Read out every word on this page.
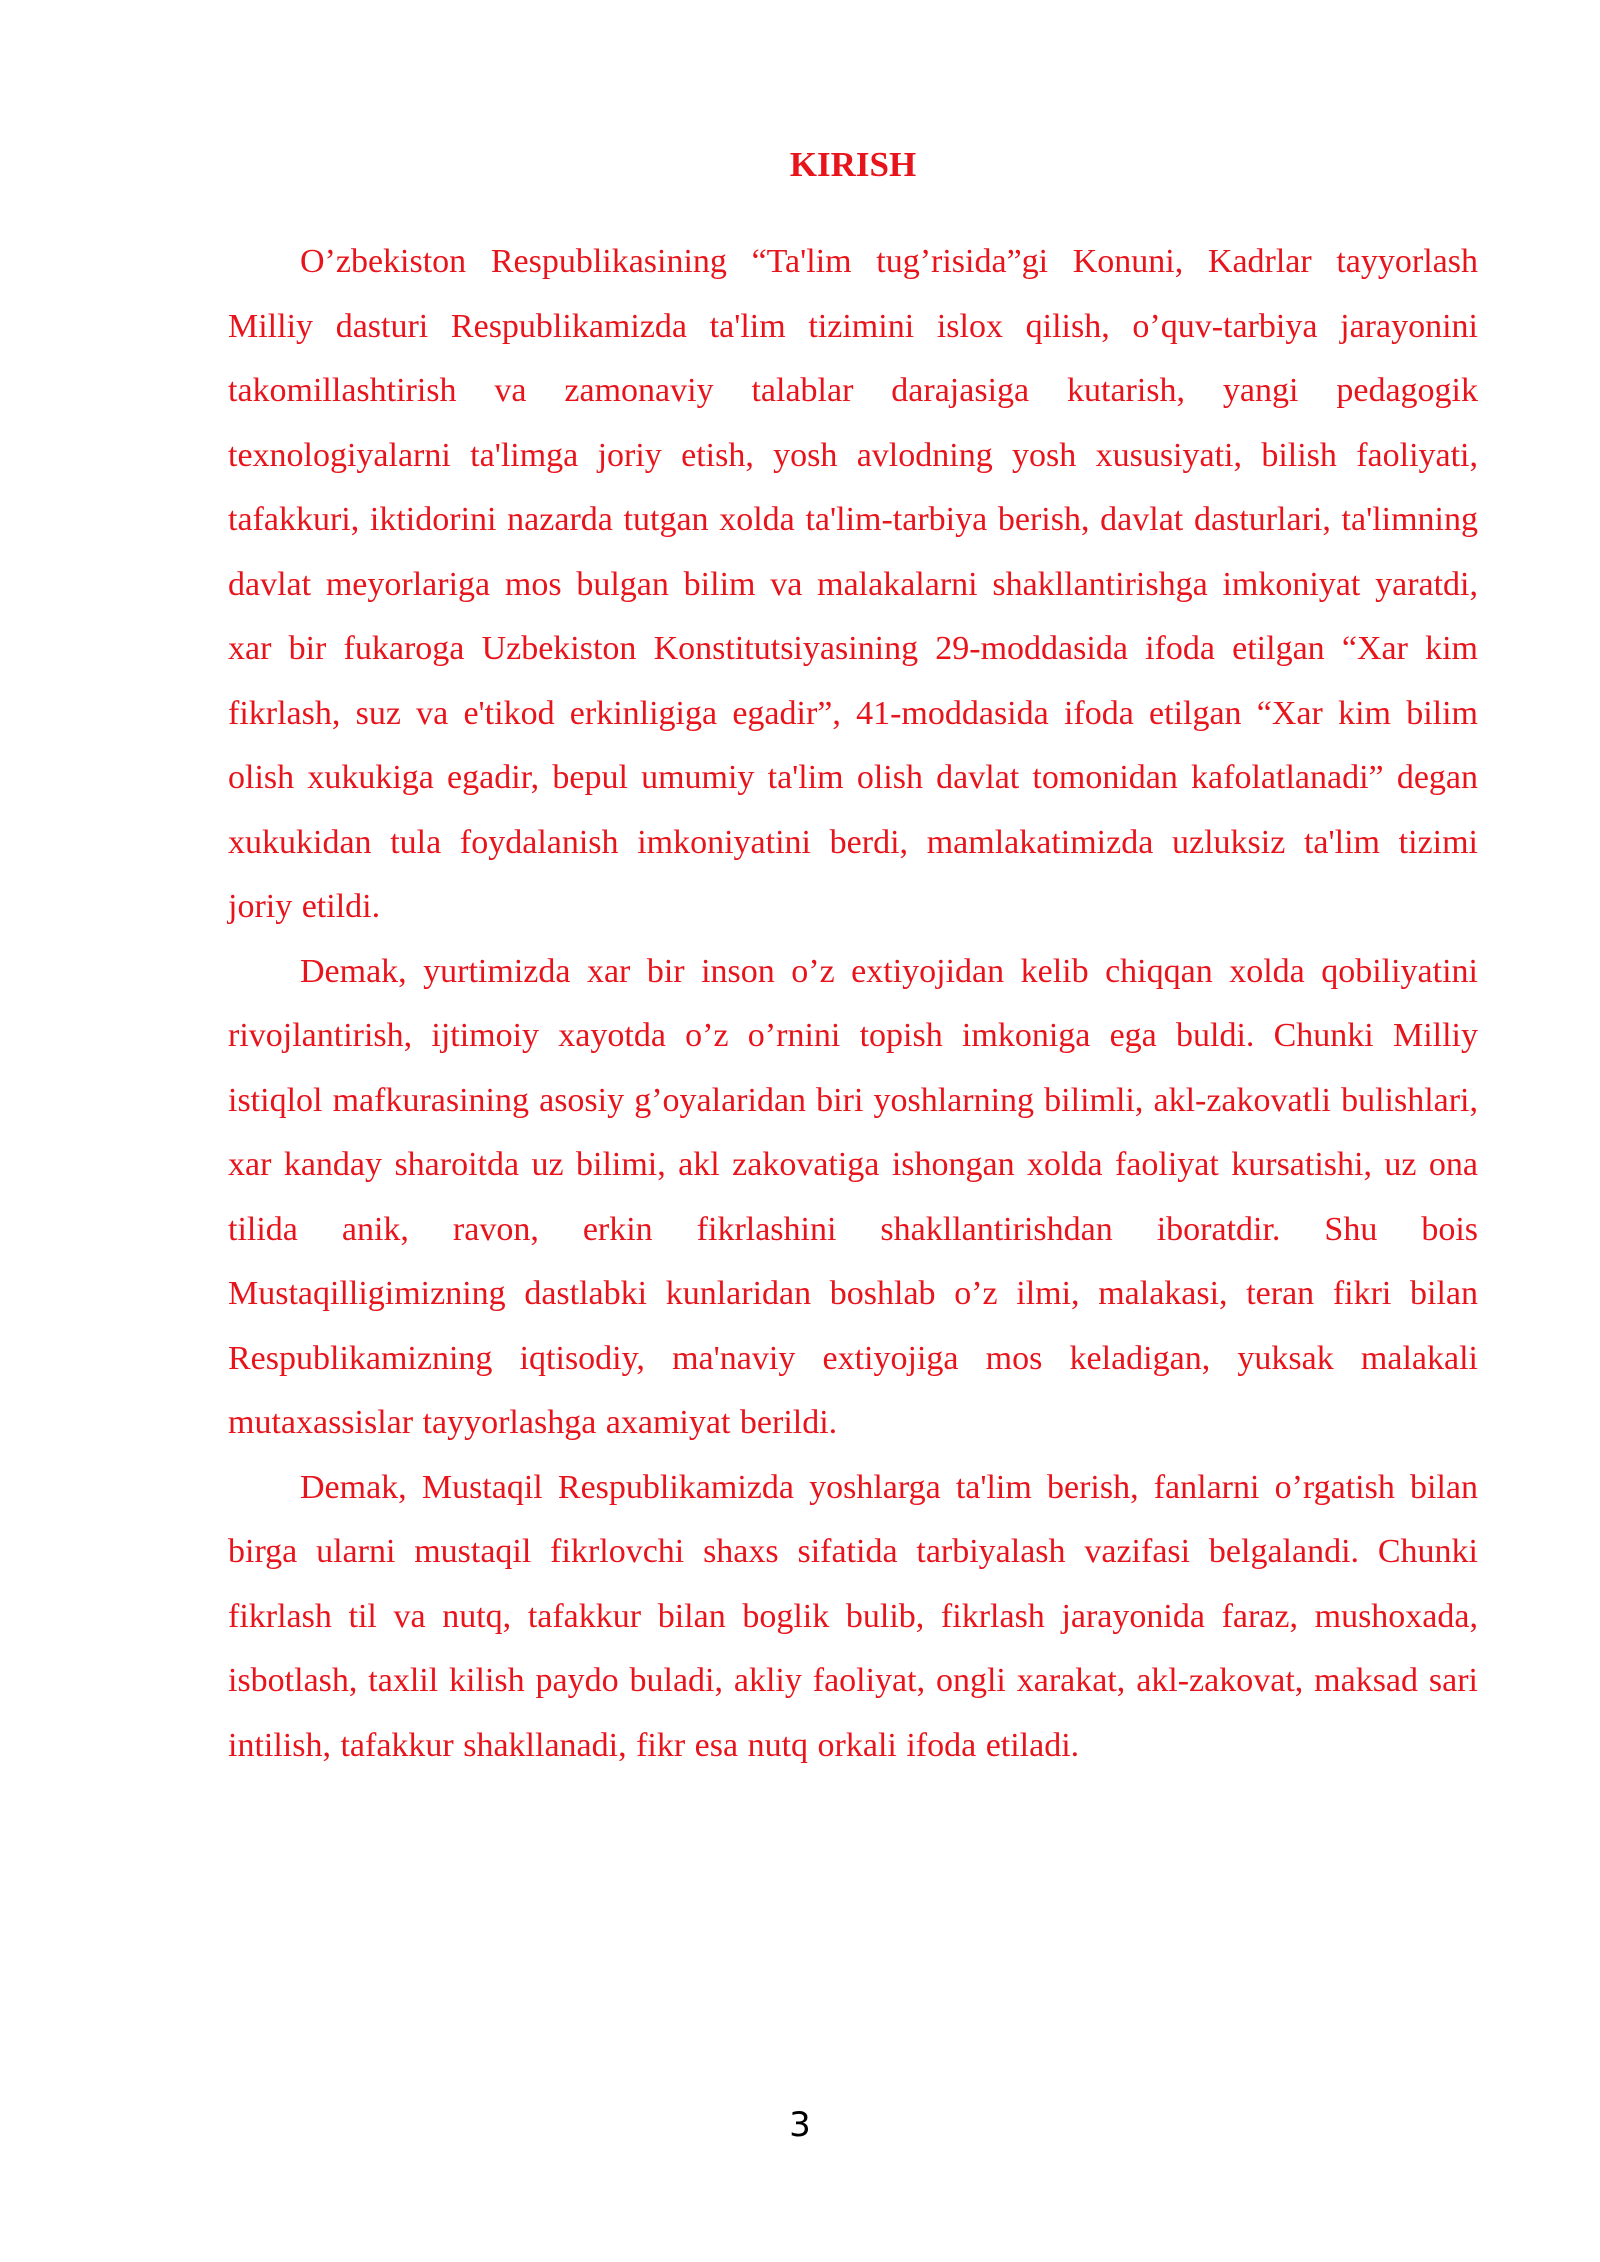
KIRISH

O’zbekiston Respublikasining “Ta'lim tug’risida”gi Konuni, Kadrlar tayyorlash Milliy dasturi Respublikamizda ta'lim tizimini islox qilish, o’quv-tarbiya jarayonini takomillashtirish va zamonaviy talablar darajasiga kutarish, yangi pedagogik texnologiyalarni ta'limga joriy etish, yosh avlodning yosh xususiyati, bilish faoliyati, tafakkuri, iktidorini nazarda tutgan xolda ta'lim-tarbiya berish, davlat dasturlari, ta'limning davlat meyorlariga mos bulgan bilim va malakalarni shakllantirishga imkoniyat yaratdi, xar bir fukaroga Uzbekiston Konstitutsiyasining 29-moddasida ifoda etilgan “Xar kim fikrlash, suz va e'tikod erkinligiga egadir”, 41-moddasida ifoda etilgan “Xar kim bilim olish xukukiga egadir, bepul umumiy ta'lim olish davlat tomonidan kafolatlanadi” degan xukukidan tula foydalanish imkoniyatini berdi, mamlakatimizda uzluksiz ta'lim tizimi joriy etildi.

Demak, yurtimizda xar bir inson o’z extiyojidan kelib chiqqan xolda qobiliyatini rivojlantirish, ijtimoiy xayotda o’z o’rnini topish imkoniga ega buldi. Chunki Milliy istiqlol mafkurasining asosiy g’oyalaridan biri yoshlarning bilimli, akl-zakovatli bulishlari, xar kanday sharoitda uz bilimi, akl zakovatiga ishongan xolda faoliyat kursatishi, uz ona tilida anik, ravon, erkin fikrlashini shakllantirishdan iboratdir. Shu bois Mustaqilligimizning dastlabki kunlaridan boshlab o’z ilmi, malakasi, teran fikri bilan Respublikamizning iqtisodiy, ma'naviy extiyojiga mos keladigan, yuksak malakali mutaxassislar tayyorlashga axamiyat berildi.

Demak, Mustaqil Respublikamizda yoshlarga ta'lim berish, fanlarni o’rgatish bilan birga ularni mustaqil fikrlovchi shaxs sifatida tarbiyalash vazifasi belgalandi. Chunki fikrlash til va nutq, tafakkur bilan boglik bulib, fikrlash jarayonida faraz, mushoxada, isbotlash, taxlil kilish paydo buladi, akliy faoliyat, ongli xarakat, akl-zakovat, maksad sari intilish, tafakkur shakllanadi, fikr esa nutq orkali ifoda etiladi.

3
